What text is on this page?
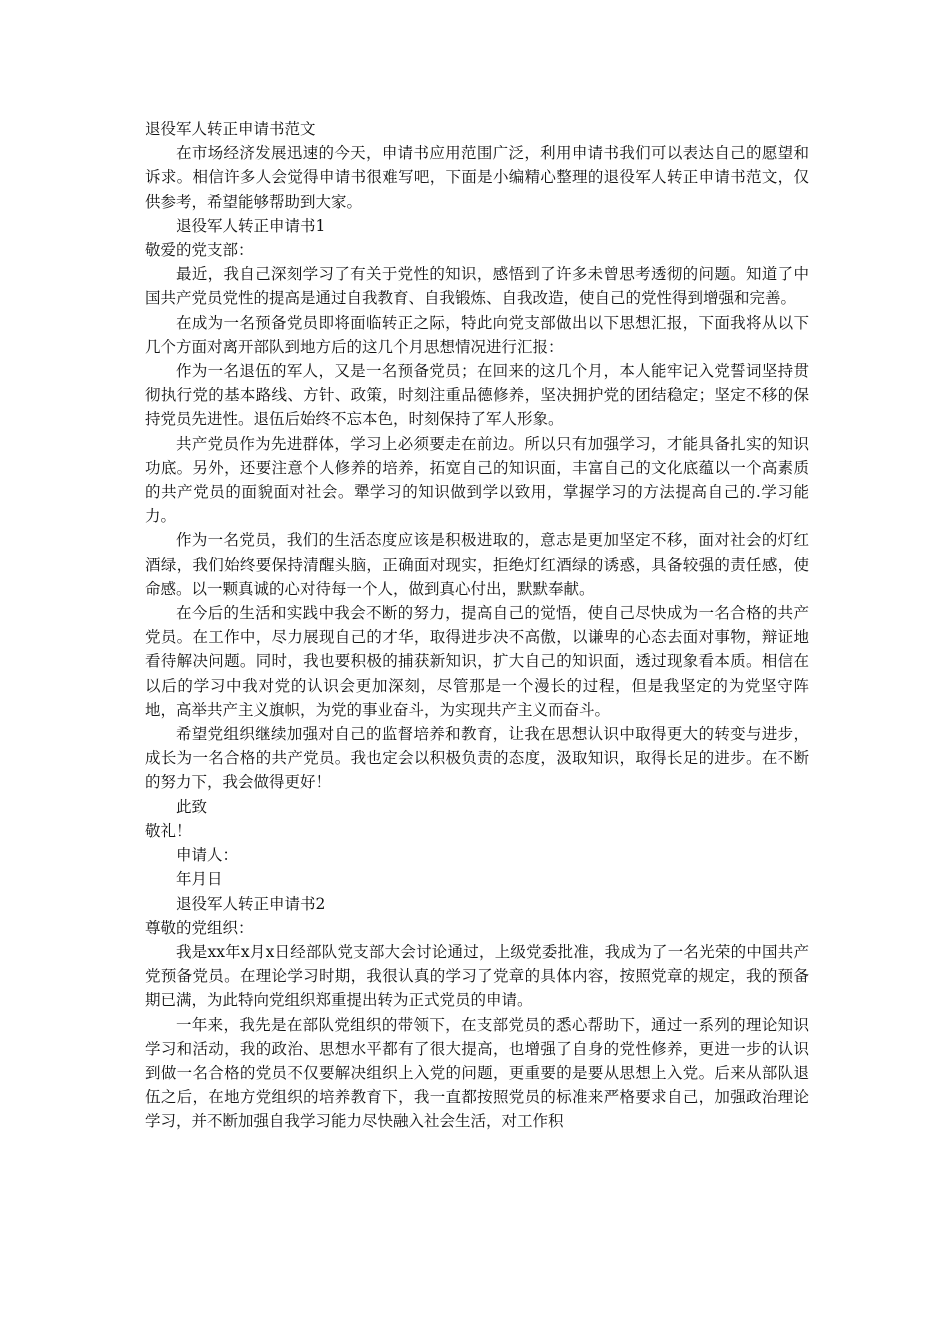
退役军人转正申请书范文

在市场经济发展迅速的今天，申请书应用范围广泛，利用申请书我们可以表达自己的愿望和诉求。相信许多人会觉得申请书很难写吧，下面是小编精心整理的退役军人转正申请书范文，仅供参考，希望能够帮助到大家。

退役军人转正申请书1

敬爱的党支部：

最近，我自己深刻学习了有关于党性的知识，感悟到了许多未曾思考透彻的问题。知道了中国共产党员党性的提高是通过自我教育、自我锻炼、自我改造，使自己的党性得到增强和完善。

在成为一名预备党员即将面临转正之际，特此向党支部做出以下思想汇报，下面我将从以下几个方面对离开部队到地方后的这几个月思想情况进行汇报：

作为一名退伍的军人，又是一名预备党员；在回来的这几个月，本人能牢记入党誓词坚持贯彻执行党的基本路线、方针、政策，时刻注重品德修养，坚决拥护党的团结稳定；坚定不移的保持党员先进性。退伍后始终不忘本色，时刻保持了军人形象。

共产党员作为先进群体，学习上必须要走在前边。所以只有加强学习，才能具备扎实的知识功底。另外，还要注意个人修养的培养，拓宽自己的知识面，丰富自己的文化底蕴以一个高素质的共产党员的面貌面对社会。犟学习的知识做到学以致用，掌握学习的方法提高自己的.学习能力。

作为一名党员，我们的生活态度应该是积极进取的，意志是更加坚定不移，面对社会的灯红酒绿，我们始终要保持清醒头脑，正确面对现实，拒绝灯红酒绿的诱惑，具备较强的责任感，使命感。以一颗真诚的心对待每一个人，做到真心付出，默默奉献。

在今后的生活和实践中我会不断的努力，提高自己的觉悟，使自己尽快成为一名合格的共产党员。在工作中，尽力展现自己的才华，取得进步决不高傲，以谦卑的心态去面对事物，辩证地看待解决问题。同时，我也要积极的捕获新知识，扩大自己的知识面，透过现象看本质。相信在以后的学习中我对党的认识会更加深刻，尽管那是一个漫长的过程，但是我坚定的为党坚守阵地，高举共产主义旗帜，为党的事业奋斗，为实现共产主义而奋斗。

希望党组织继续加强对自己的监督培养和教育，让我在思想认识中取得更大的转变与进步，成长为一名合格的共产党员。我也定会以积极负责的态度，汲取知识，取得长足的进步。在不断的努力下，我会做得更好！

此致

敬礼！

申请人：

年月日

退役军人转正申请书2

尊敬的党组织：

我是xx年x月x日经部队党支部大会讨论通过，上级党委批准，我成为了一名光荣的中国共产党预备党员。在理论学习时期，我很认真的学习了党章的具体内容，按照党章的规定，我的预备期已满，为此特向党组织郑重提出转为正式党员的申请。

一年来，我先是在部队党组织的带领下，在支部党员的悉心帮助下，通过一系列的理论知识学习和活动，我的政治、思想水平都有了很大提高，也增强了自身的党性修养，更进一步的认识到做一名合格的党员不仅要解决组织上入党的问题，更重要的是要从思想上入党。后来从部队退伍之后，在地方党组织的培养教育下，我一直都按照党员的标准来严格要求自己，加强政治理论学习，并不断加强自我学习能力尽快融入社会生活，对工作积
